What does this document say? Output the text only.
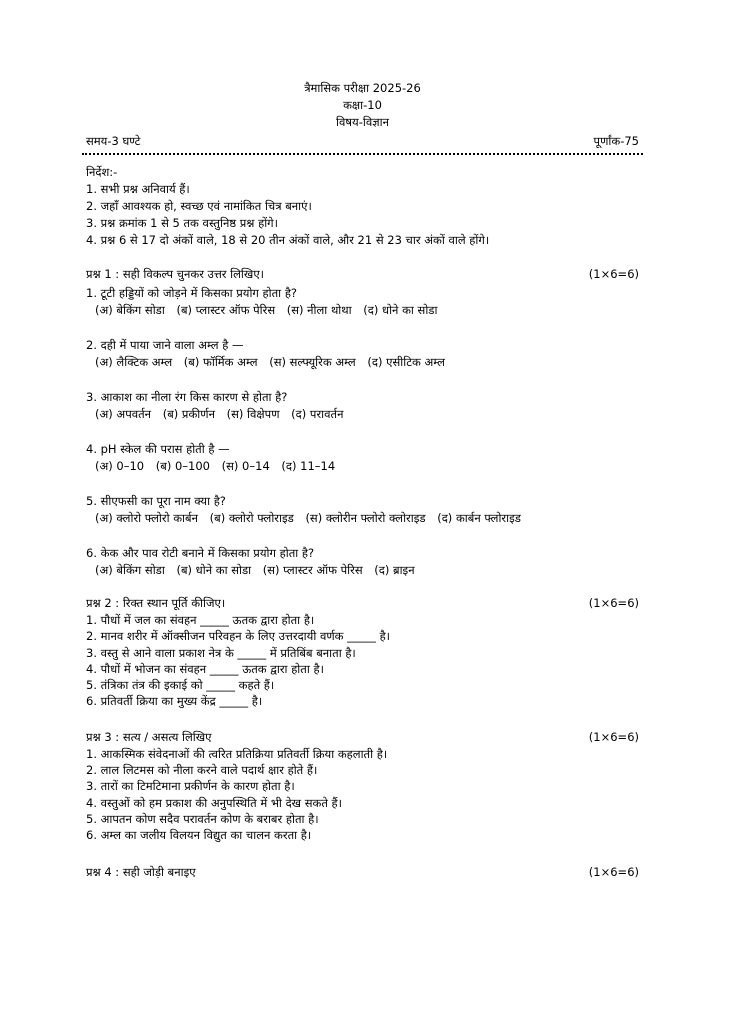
त्रैमासिक परीक्षा 2025-26
कक्षा-10
विषय-विज्ञान
समय-3 घण्टे	पूर्णांक-75
निर्देश:-
1. सभी प्रश्न अनिवार्य हैं।
2. जहाँ आवश्यक हो, स्वच्छ एवं नामांकित चित्र बनाएं।
3. प्रश्न क्रमांक 1 से 5 तक वस्तुनिष्ठ प्रश्न होंगे।
4. प्रश्न 6 से 17 दो अंकों वाले, 18 से 20 तीन अंकों वाले, और 21 से 23 चार अंकों वाले होंगे।
प्रश्न 1 : सही विकल्प चुनकर उत्तर लिखिए।	(1×6=6)
1. टूटी हड्डियों को जोड़ने में किसका प्रयोग होता है?
(अ) बेकिंग सोडा (ब) प्लास्टर ऑफ पेरिस (स) नीला थोथा (द) धोने का सोडा
2. दही में पाया जाने वाला अम्ल है —
(अ) लैक्टिक अम्ल (ब) फॉर्मिक अम्ल (स) सल्फ्यूरिक अम्ल (द) एसीटिक अम्ल
3. आकाश का नीला रंग किस कारण से होता है?
(अ) अपवर्तन (ब) प्रकीर्णन (स) विक्षेपण (द) परावर्तन
4. pH स्केल की परास होती है —
(अ) 0–10 (ब) 0–100 (स) 0–14 (द) 11–14
5. सीएफसी का पूरा नाम क्या है?
(अ) क्लोरो फ्लोरो कार्बन (ब) क्लोरो फ्लोराइड (स) क्लोरीन फ्लोरो क्लोराइड (द) कार्बन फ्लोराइड
6. केक और पाव रोटी बनाने में किसका प्रयोग होता है?
(अ) बेकिंग सोडा (ब) धोने का सोडा (स) प्लास्टर ऑफ पेरिस (द) ब्राइन
प्रश्न 2 : रिक्त स्थान पूर्ति कीजिए।	(1×6=6)
1. पौधों में जल का संवहन _____ ऊतक द्वारा होता है।
2. मानव शरीर में ऑक्सीजन परिवहन के लिए उत्तरदायी वर्णक _____ है।
3. वस्तु से आने वाला प्रकाश नेत्र के _____ में प्रतिबिंब बनाता है।
4. पौधों में भोजन का संवहन _____ ऊतक द्वारा होता है।
5. तंत्रिका तंत्र की इकाई को _____ कहते हैं।
6. प्रतिवर्ती क्रिया का मुख्य केंद्र _____ है।
प्रश्न 3 : सत्य / असत्य लिखिए	(1×6=6)
1. आकस्मिक संवेदनाओं की त्वरित प्रतिक्रिया प्रतिवर्ती क्रिया कहलाती है।
2. लाल लिटमस को नीला करने वाले पदार्थ क्षार होते हैं।
3. तारों का टिमटिमाना प्रकीर्णन के कारण होता है।
4. वस्तुओं को हम प्रकाश की अनुपस्थिति में भी देख सकते हैं।
5. आपतन कोण सदैव परावर्तन कोण के बराबर होता है।
6. अम्ल का जलीय विलयन विद्युत का चालन करता है।
प्रश्न 4 : सही जोड़ी बनाइए	(1×6=6)
